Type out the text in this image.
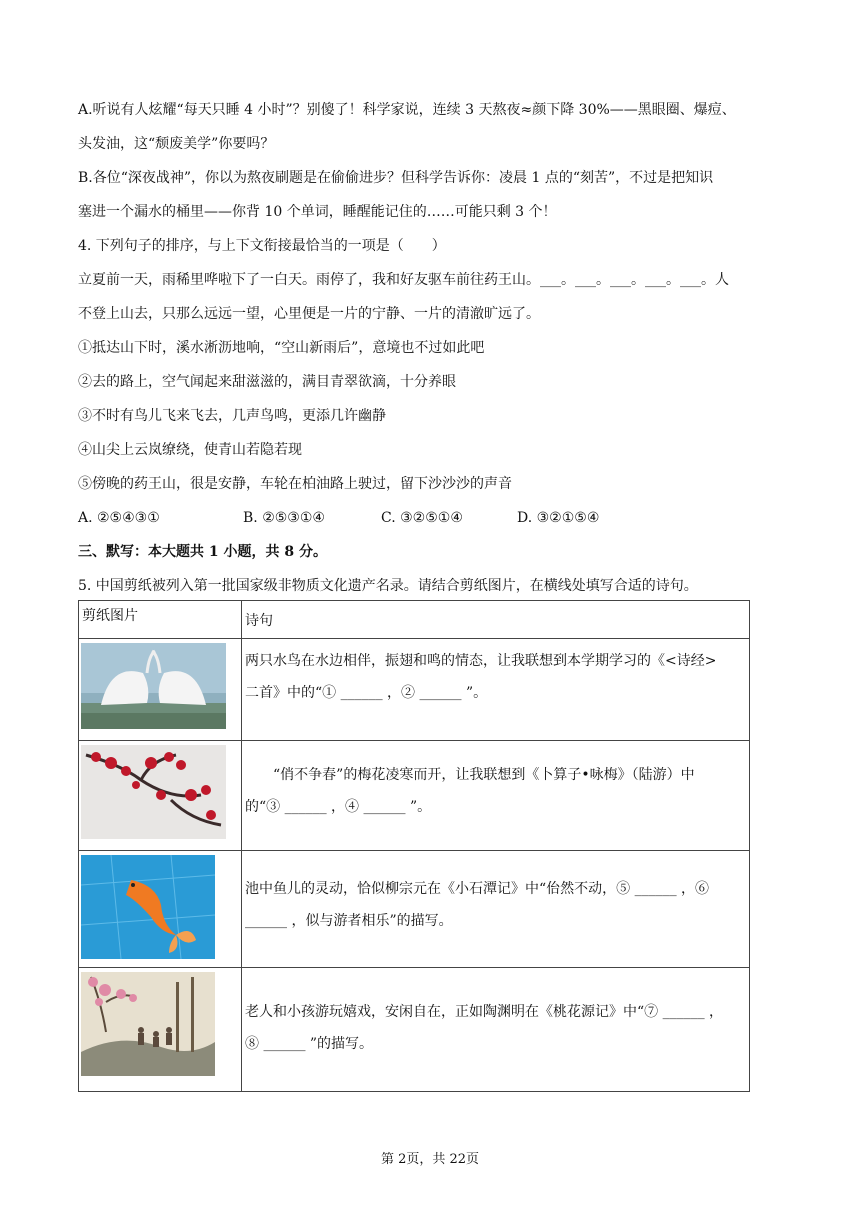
A.听说有人炫耀“每天只睡 4 小时”？别傻了！科学家说，连续 3 天熬夜≈颜下降 30%——黑眼圈、爆痘、
头发油，这“颓废美学”你要吗？
B.各位“深夜战神”，你以为熬夜刷题是在偷偷进步？但科学告诉你：凌晨 1 点的“刻苦”，不过是把知识
塞进一个漏水的桶里——你背 10 个单词，睡醒能记住的……可能只剩 3 个！
4. 下列句子的排序，与上下文衔接最恰当的一项是（　　）
立夏前一天，雨稀里哗啦下了一白天。雨停了，我和好友驱车前往药王山。___。___。___。___。___。人
不登上山去，只那么远远一望，心里便是一片的宁静、一片的清澈旷远了。
①抵达山下时，溪水淅沥地响，“空山新雨后”，意境也不过如此吧
②去的路上，空气闻起来甜滋滋的，满目青翠欲滴，十分养眼
③不时有鸟儿飞来飞去，几声鸟鸣，更添几许幽静
④山尖上云岚缭绕，使青山若隐若现
⑤傍晚的药王山，很是安静，车轮在柏油路上驶过，留下沙沙沙的声音
A. ②⑤④③①	B. ②⑤③①④	C. ③②⑤①④	D. ③②①⑤④
三、默写：本大题共 1 小题，共 8 分。
5. 中国剪纸被列入第一批国家级非物质文化遗产名录。请结合剪纸图片，在横线处填写合适的诗句。
剪纸图片	诗句

两只水鸟在水边相伴，振翅和鸣的情态，让我联想到本学期学习的《<诗经>
二首》中的“① ______ ，② ______ ”。

“俏不争春”的梅花凌寒而开，让我联想到《卜算子•咏梅》（陆游）中
的“③ ______ ，④ ______ ”。

池中鱼儿的灵动，恰似柳宗元在《小石潭记》中“佁然不动，⑤ ______ ，⑥
______ ，似与游者相乐”的描写。

老人和小孩游玩嬉戏，安闲自在，正如陶渊明在《桃花源记》中“⑦ ______ ，
⑧ ______ ”的描写。
第 2页，共 22页
